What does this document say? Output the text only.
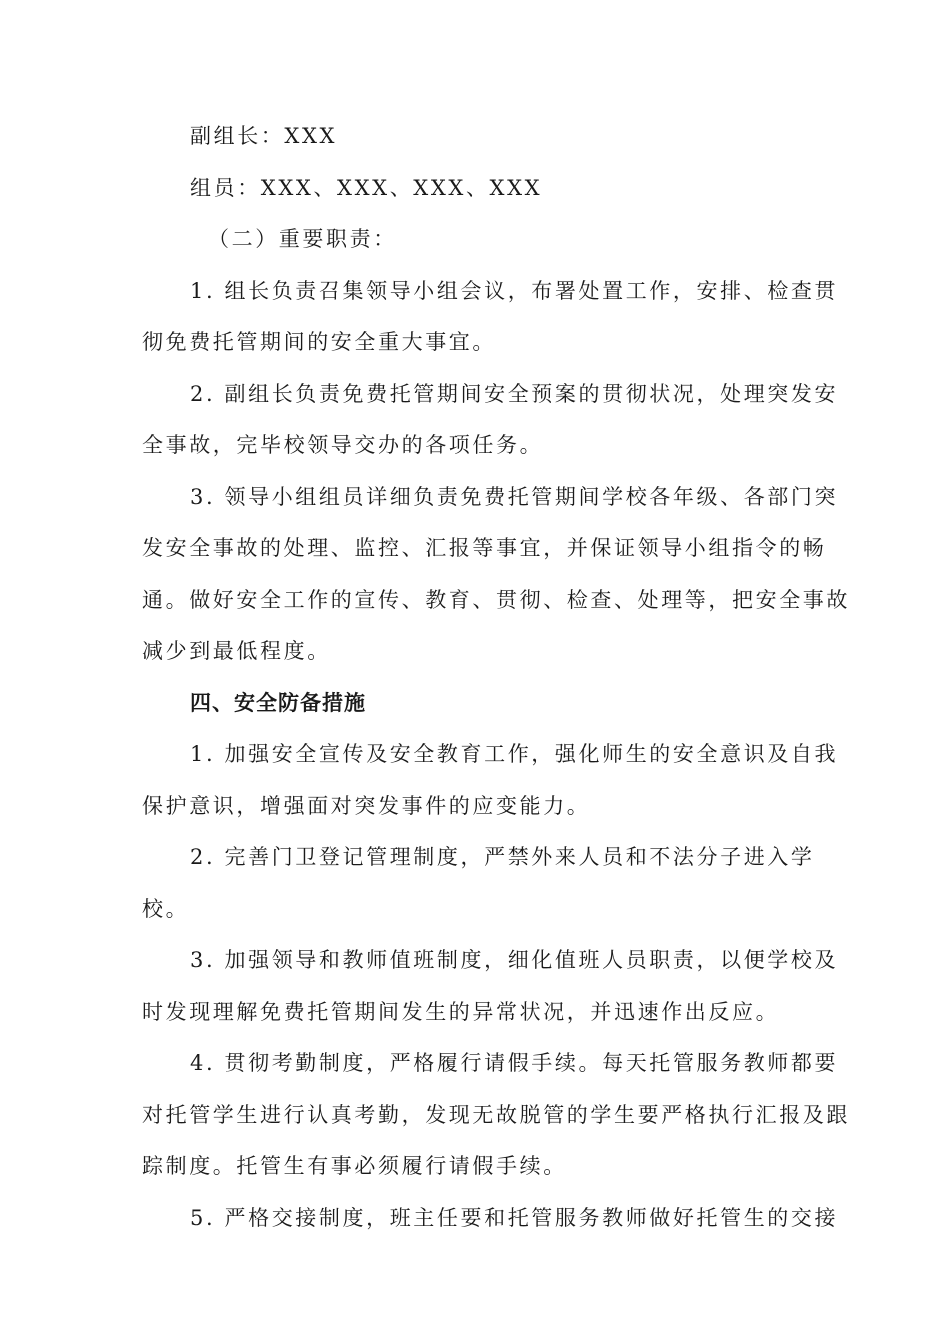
副组长：XXX
组员：XXX、XXX、XXX、XXX
（二）重要职责：
1. 组长负责召集领导小组会议，布署处置工作，安排、检查贯
彻免费托管期间的安全重大事宜。
2. 副组长负责免费托管期间安全预案的贯彻状况，处理突发安
全事故，完毕校领导交办的各项任务。
3. 领导小组组员详细负责免费托管期间学校各年级、各部门突
发安全事故的处理、监控、汇报等事宜，并保证领导小组指令的畅
通。做好安全工作的宣传、教育、贯彻、检查、处理等，把安全事故
减少到最低程度。
四、安全防备措施
1. 加强安全宣传及安全教育工作，强化师生的安全意识及自我
保护意识，增强面对突发事件的应变能力。
2. 完善门卫登记管理制度，严禁外来人员和不法分子进入学
校。
3. 加强领导和教师值班制度，细化值班人员职责，以便学校及
时发现理解免费托管期间发生的异常状况，并迅速作出反应。
4. 贯彻考勤制度，严格履行请假手续。每天托管服务教师都要
对托管学生进行认真考勤，发现无故脱管的学生要严格执行汇报及跟
踪制度。托管生有事必须履行请假手续。
5. 严格交接制度，班主任要和托管服务教师做好托管生的交接
